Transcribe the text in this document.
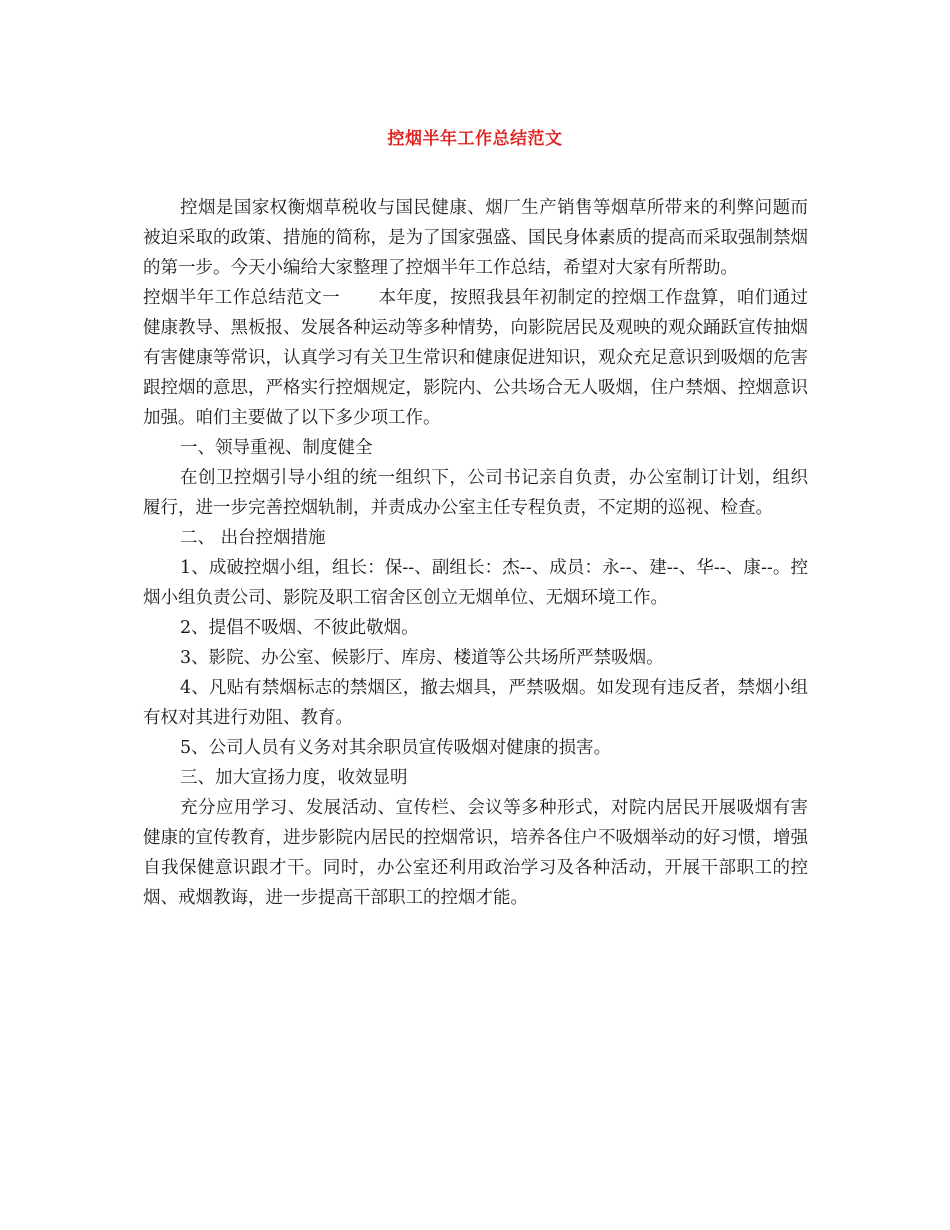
控烟半年工作总结范文

控烟是国家权衡烟草税收与国民健康、烟厂生产销售等烟草所带来的利弊问题而被迫采取的政策、措施的简称，是为了国家强盛、国民身体素质的提高而采取强制禁烟的第一步。今天小编给大家整理了控烟半年工作总结，希望对大家有所帮助。

控烟半年工作总结范文一 本年度，按照我县年初制定的控烟工作盘算，咱们通过健康教导、黑板报、发展各种运动等多种情势，向影院居民及观映的观众踊跃宣传抽烟有害健康等常识，认真学习有关卫生常识和健康促进知识，观众充足意识到吸烟的危害跟控烟的意思，严格实行控烟规定，影院内、公共场合无人吸烟，住户禁烟、控烟意识加强。咱们主要做了以下多少项工作。

一、领导重视、制度健全

在创卫控烟引导小组的统一组织下，公司书记亲自负责，办公室制订计划，组织履行，进一步完善控烟轨制，并责成办公室主任专程负责，不定期的巡视、检查。

二、 出台控烟措施

1、成破控烟小组，组长：保--、副组长：杰--、成员：永--、建--、华--、康--。控烟小组负责公司、影院及职工宿舍区创立无烟单位、无烟环境工作。

2、提倡不吸烟、不彼此敬烟。

3、影院、办公室、候影厅、库房、楼道等公共场所严禁吸烟。

4、凡贴有禁烟标志的禁烟区，撤去烟具，严禁吸烟。如发现有违反者，禁烟小组有权对其进行劝阻、教育。

5、公司人员有义务对其余职员宣传吸烟对健康的损害。

三、加大宣扬力度，收效显明

充分应用学习、发展活动、宣传栏、会议等多种形式，对院内居民开展吸烟有害健康的宣传教育，进步影院内居民的控烟常识，培养各住户不吸烟举动的好习惯，增强自我保健意识跟才干。同时，办公室还利用政治学习及各种活动，开展干部职工的控烟、戒烟教诲，进一步提高干部职工的控烟才能。
